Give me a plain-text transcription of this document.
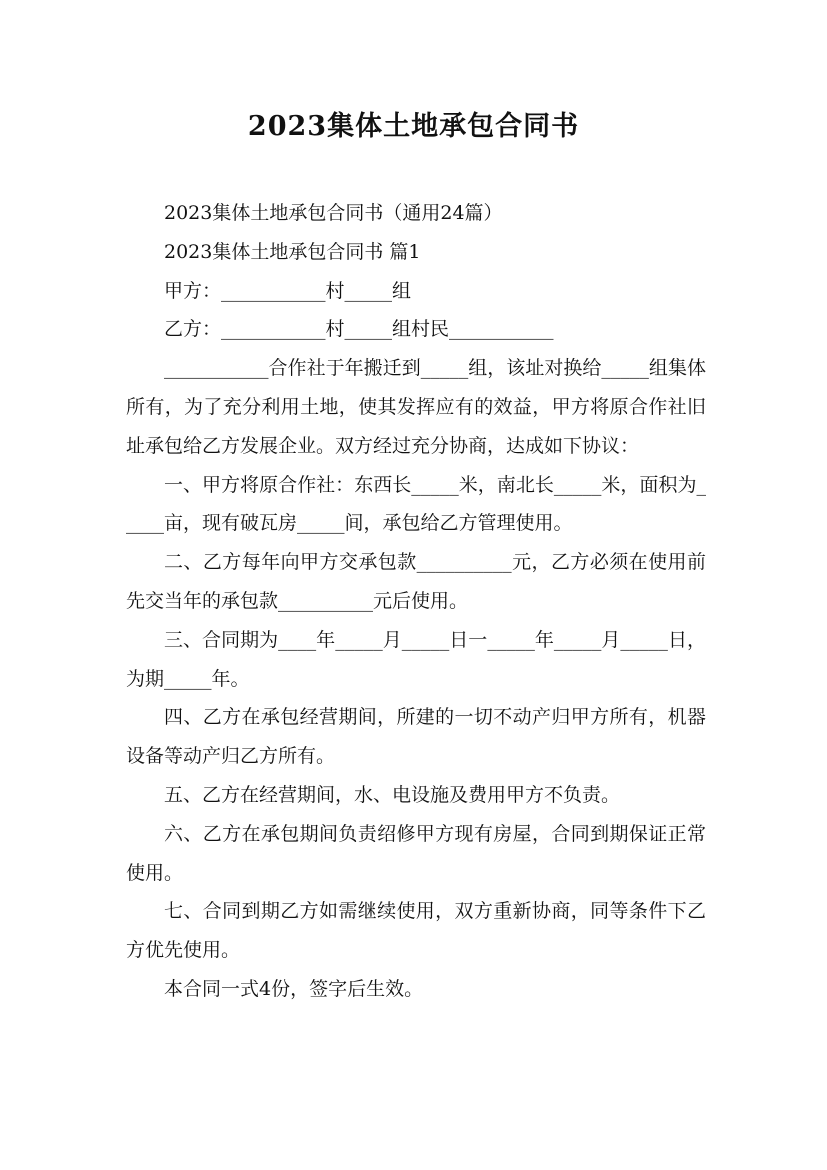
2023集体土地承包合同书

2023集体土地承包合同书（通用24篇）

2023集体土地承包合同书 篇1

甲方：___________村_____组

乙方：___________村_____组村民___________

___________合作社于年搬迁到_____组，该址对换给_____组集体所有，为了充分利用土地，使其发挥应有的效益，甲方将原合作社旧址承包给乙方发展企业。双方经过充分协商，达成如下协议：

一、甲方将原合作社：东西长_____米，南北长_____米，面积为_____亩，现有破瓦房_____间，承包给乙方管理使用。

二、乙方每年向甲方交承包款__________元，乙方必须在使用前先交当年的承包款__________元后使用。

三、合同期为____年_____月_____日一_____年_____月_____日，为期_____年。

四、乙方在承包经营期间，所建的一切不动产归甲方所有，机器设备等动产归乙方所有。

五、乙方在经营期间，水、电设施及费用甲方不负责。

六、乙方在承包期间负责绍修甲方现有房屋，合同到期保证正常使用。

七、合同到期乙方如需继续使用，双方重新协商，同等条件下乙方优先使用。

本合同一式4份，签字后生效。
